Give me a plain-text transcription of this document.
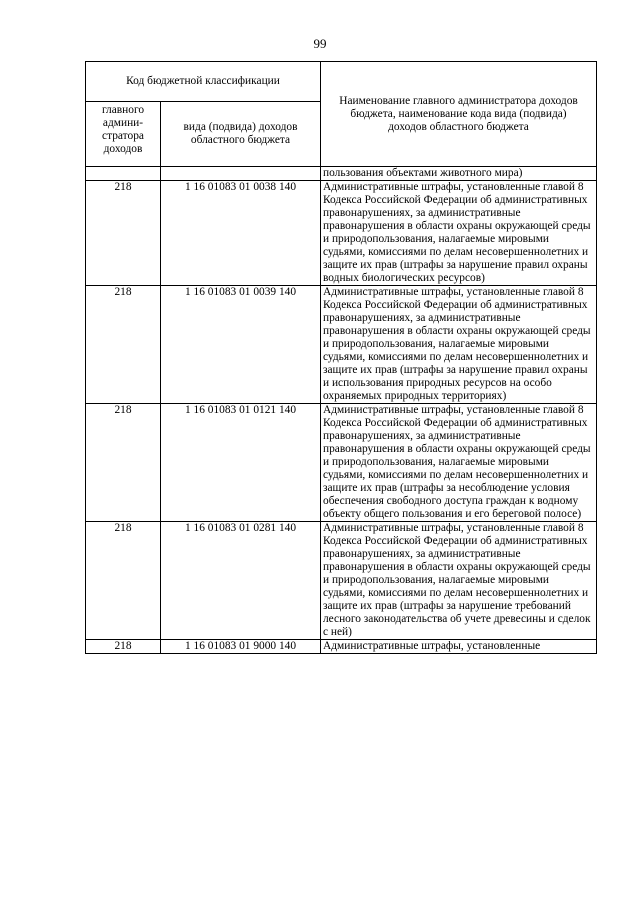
99
Код бюджетной классификации		Наименование главного администратора доходов бюджета, наименование кода вида (подвида) доходов областного бюджета
главного админи-стратора доходов	вида (подвида) доходов областного бюджета	
		пользования объектами животного мира)
218	1 16 01083 01 0038 140	Административные штрафы, установленные главой 8 Кодекса Российской Федерации об административных правонарушениях, за административные правонарушения в области охраны окружающей среды и природопользования, налагаемые мировыми судьями, комиссиями по делам несовершеннолетних и защите их прав (штрафы за нарушение правил охраны водных биологических ресурсов)
218	1 16 01083 01 0039 140	Административные штрафы, установленные главой 8 Кодекса Российской Федерации об административных правонарушениях, за административные правонарушения в области охраны окружающей среды и природопользования, налагаемые мировыми судьями, комиссиями по делам несовершеннолетних и защите их прав (штрафы за нарушение правил охраны и использования природных ресурсов на особо охраняемых природных территориях)
218	1 16 01083 01 0121 140	Административные штрафы, установленные главой 8 Кодекса Российской Федерации об административных правонарушениях, за административные правонарушения в области охраны окружающей среды и природопользования, налагаемые мировыми судьями, комиссиями по делам несовершеннолетних и защите их прав (штрафы за несоблюдение условия обеспечения свободного доступа граждан к водному объекту общего пользования и его береговой полосе)
218	1 16 01083 01 0281 140	Административные штрафы, установленные главой 8 Кодекса Российской Федерации об административных правонарушениях, за административные правонарушения в области охраны окружающей среды и природопользования, налагаемые мировыми судьями, комиссиями по делам несовершеннолетних и защите их прав (штрафы за нарушение требований лесного законодательства об учете древесины и сделок с ней)
218	1 16 01083 01 9000 140	Административные штрафы, установленные
